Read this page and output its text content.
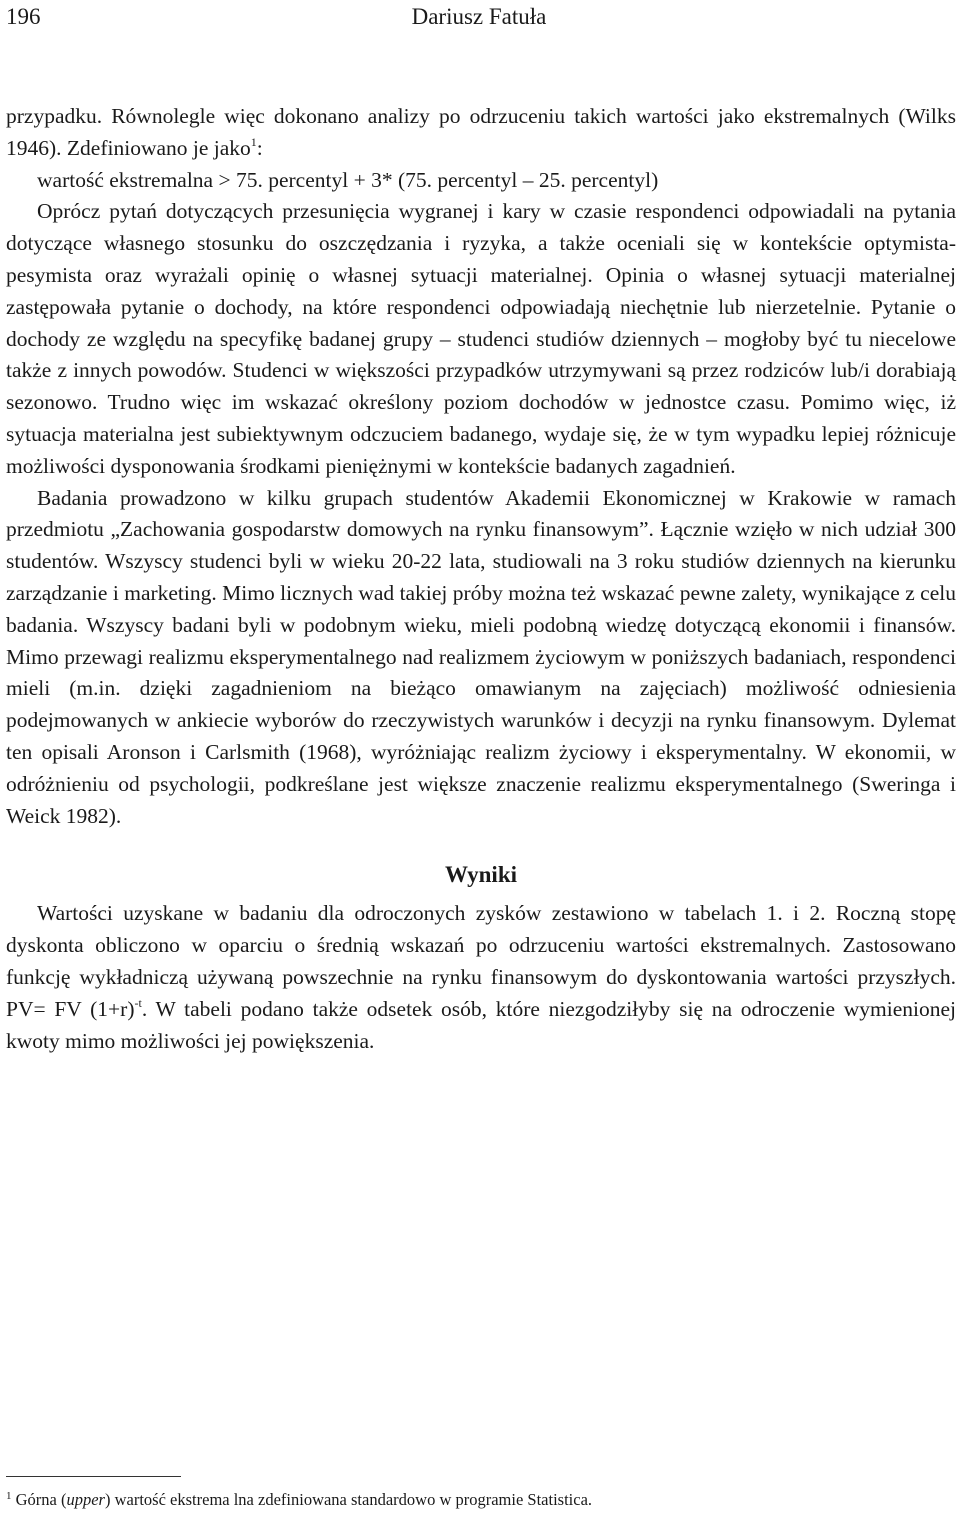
196	Dariusz Fatuła

przypadku. Równolegle więc dokonano analizy po odrzuceniu takich wartości jako ekstremalnych (Wilks 1946). Zdefiniowano je jako$^1$:

wartość ekstremalna > 75. percentyl + 3* (75. percentyl – 25. percentyl)

Oprócz pytań dotyczących przesunięcia wygranej i kary w czasie respondenci odpowiadali na pytania dotyczące własnego stosunku do oszczędzania i ryzyka, a także oceniali się w kontekście optymista-pesymista oraz wyrażali opinię o własnej sytuacji materialnej. Opinia o własnej sytuacji materialnej zastępowała pytanie o dochody, na które respondenci odpowiadają niechętnie lub nierzetelnie. Pytanie o dochody ze względu na specyfikę badanej grupy – studenci studiów dziennych – mogłoby być tu niecelowe także z innych powodów. Studenci w większości przypadków utrzymywani są przez rodziców lub/i dorabiają sezonowo. Trudno więc im wskazać określony poziom dochodów w jednostce czasu. Pomimo więc, iż sytuacja materialna jest subiektywnym odczuciem badanego, wydaje się, że w tym wypadku lepiej różnicuje możliwości dysponowania środkami pieniężnymi w kontekście badanych zagadnień.

Badania prowadzono w kilku grupach studentów Akademii Ekonomicznej w Krakowie w ramach przedmiotu „Zachowania gospodarstw domowych na rynku finansowym”. Łącznie wzięło w nich udział 300 studentów. Wszyscy studenci byli w wieku 20-22 lata, studiowali na 3 roku studiów dziennych na kierunku zarządzanie i marketing. Mimo licznych wad takiej próby można też wskazać pewne zalety, wynikające z celu badania. Wszyscy badani byli w podobnym wieku, mieli podobną wiedzę dotyczącą ekonomii i finansów. Mimo przewagi realizmu eksperymentalnego nad realizmem życiowym w poniższych badaniach, respondenci mieli (m.in. dzięki zagadnieniom na bieżąco omawianym na zajęciach) możliwość odniesienia podejmowanych w ankiecie wyborów do rzeczywistych warunków i decyzji na rynku finansowym. Dylemat ten opisali Aronson i Carlsmith (1968), wyróżniając realizm życiowy i eksperymentalny. W ekonomii, w odróżnieniu od psychologii, podkreślane jest większe znaczenie realizmu eksperymentalnego (Sweringa i Weick 1982).

Wyniki

Wartości uzyskane w badaniu dla odroczonych zysków zestawiono w tabelach 1. i 2. Roczną stopę dyskonta obliczono w oparciu o średnią wskazań po odrzuceniu wartości ekstremalnych. Zastosowano funkcję wykładniczą używaną powszechnie na rynku finansowym do dyskontowania wartości przyszłych. PV= FV $(1+r)^{-t}$. W tabeli podano także odsetek osób, które niezgodziłyby się na odroczenie wymienionej kwoty mimo możliwości jej powiększenia.

$^1$ Górna (upper) wartość ekstrema lna zdefiniowana standardowo w programie Statistica.
